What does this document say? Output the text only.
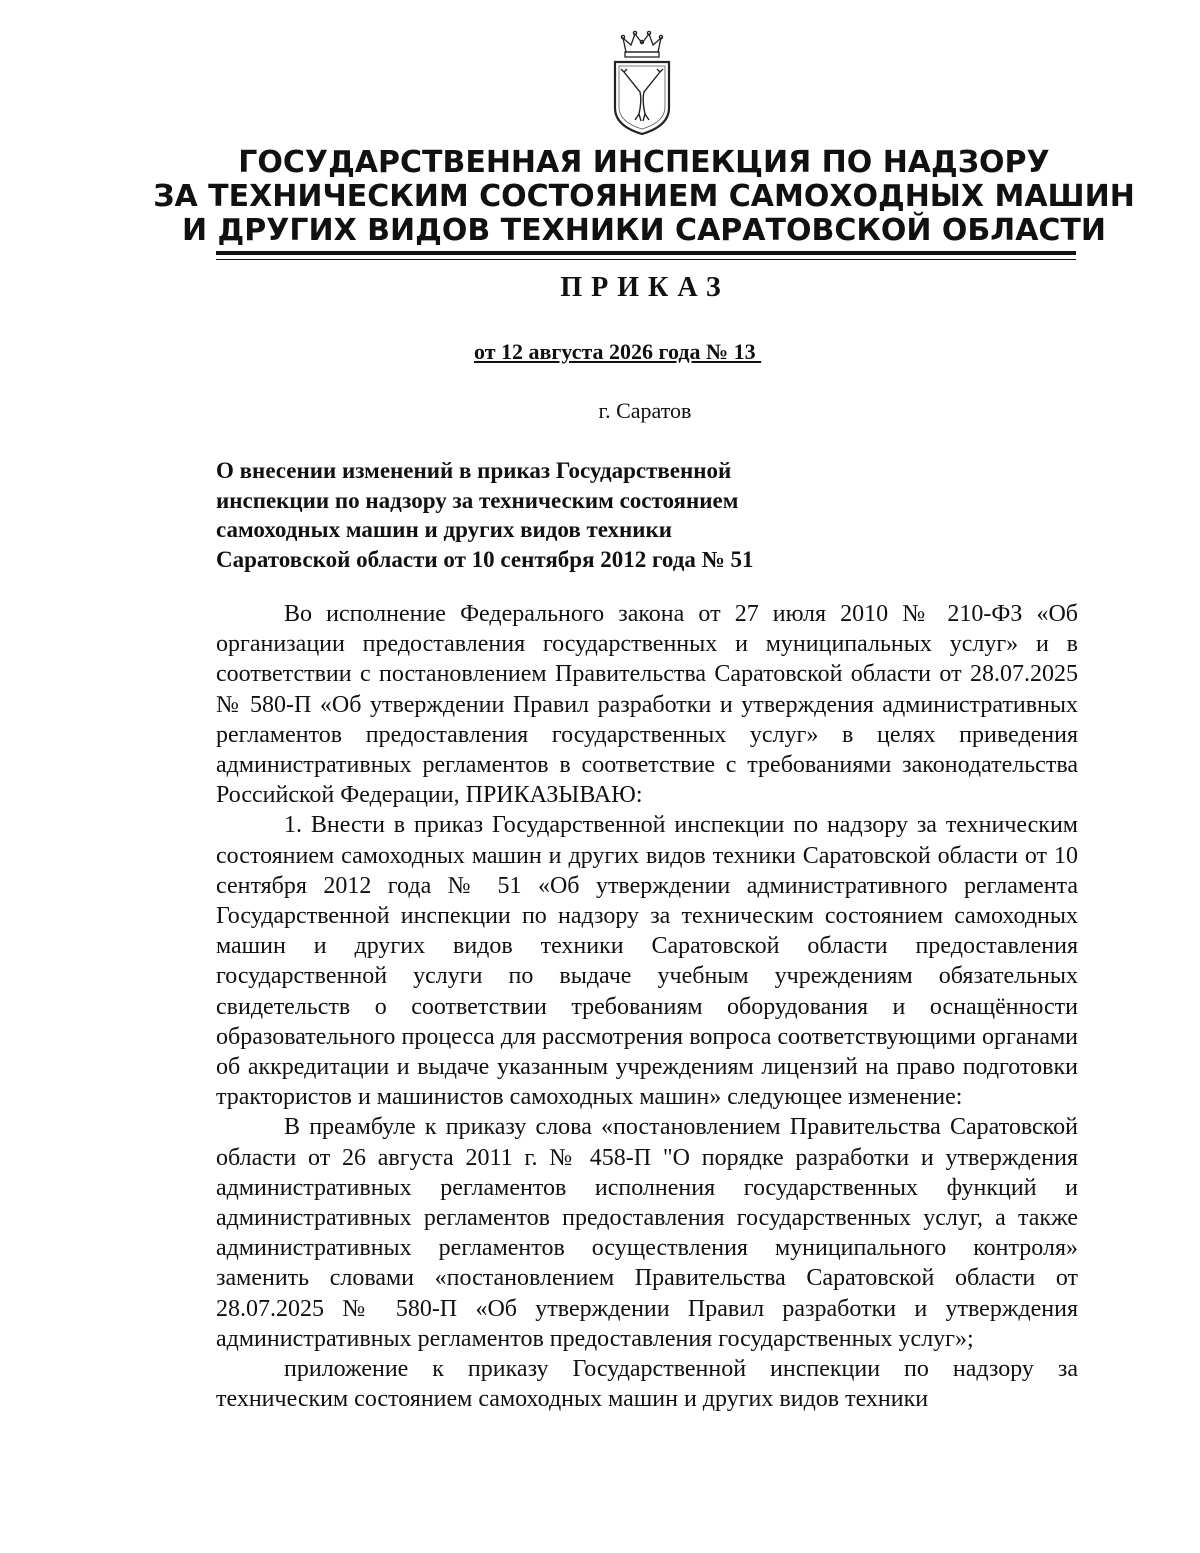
ГОСУДАРСТВЕННАЯ ИНСПЕКЦИЯ ПО НАДЗОРУ
ЗА ТЕХНИЧЕСКИМ СОСТОЯНИЕМ САМОХОДНЫХ МАШИН
И ДРУГИХ ВИДОВ ТЕХНИКИ САРАТОВСКОЙ ОБЛАСТИ
ПРИКАЗ
от 12 августа 2026 года № 13
г. Саратов
О внесении изменений в приказ Государственной
инспекции по надзору за техническим состоянием
самоходных машин и других видов техники
Саратовской области от 10 сентября 2012 года № 51

Во исполнение Федерального закона от 27 июля 2010 № 210-ФЗ «Об организации предоставления государственных и муниципальных услуг» и в соответствии с постановлением Правительства Саратовской области от 28.07.2025 № 580-П «Об утверждении Правил разработки и утверждения административных регламентов предоставления государственных услуг» в целях приведения административных регламентов в соответствие с требованиями законодательства Российской Федерации, ПРИКАЗЫВАЮ:

1. Внести в приказ Государственной инспекции по надзору за техническим состоянием самоходных машин и других видов техники Саратовской области от 10 сентября 2012 года № 51 «Об утверждении административного регламента Государственной инспекции по надзору за техническим состоянием самоходных машин и других видов техники Саратовской области предоставления государственной услуги по выдаче учебным учреждениям обязательных свидетельств о соответствии требованиям оборудования и оснащённости образовательного процесса для рассмотрения вопроса соответствующими органами об аккредитации и выдаче указанным учреждениям лицензий на право подготовки трактористов и машинистов самоходных машин» следующее изменение:

В преамбуле к приказу слова «постановлением Правительства Саратовской области от 26 августа 2011 г. № 458-П "О порядке разработки и утверждения административных регламентов исполнения государственных функций и административных регламентов предоставления государственных услуг, а также административных регламентов осуществления муниципального контроля» заменить словами «постановлением Правительства Саратовской области от 28.07.2025 № 580-П «Об утверждении Правил разработки и утверждения административных регламентов предоставления государственных услуг»;

приложение к приказу Государственной инспекции по надзору за техническим состоянием самоходных машин и других видов техники
